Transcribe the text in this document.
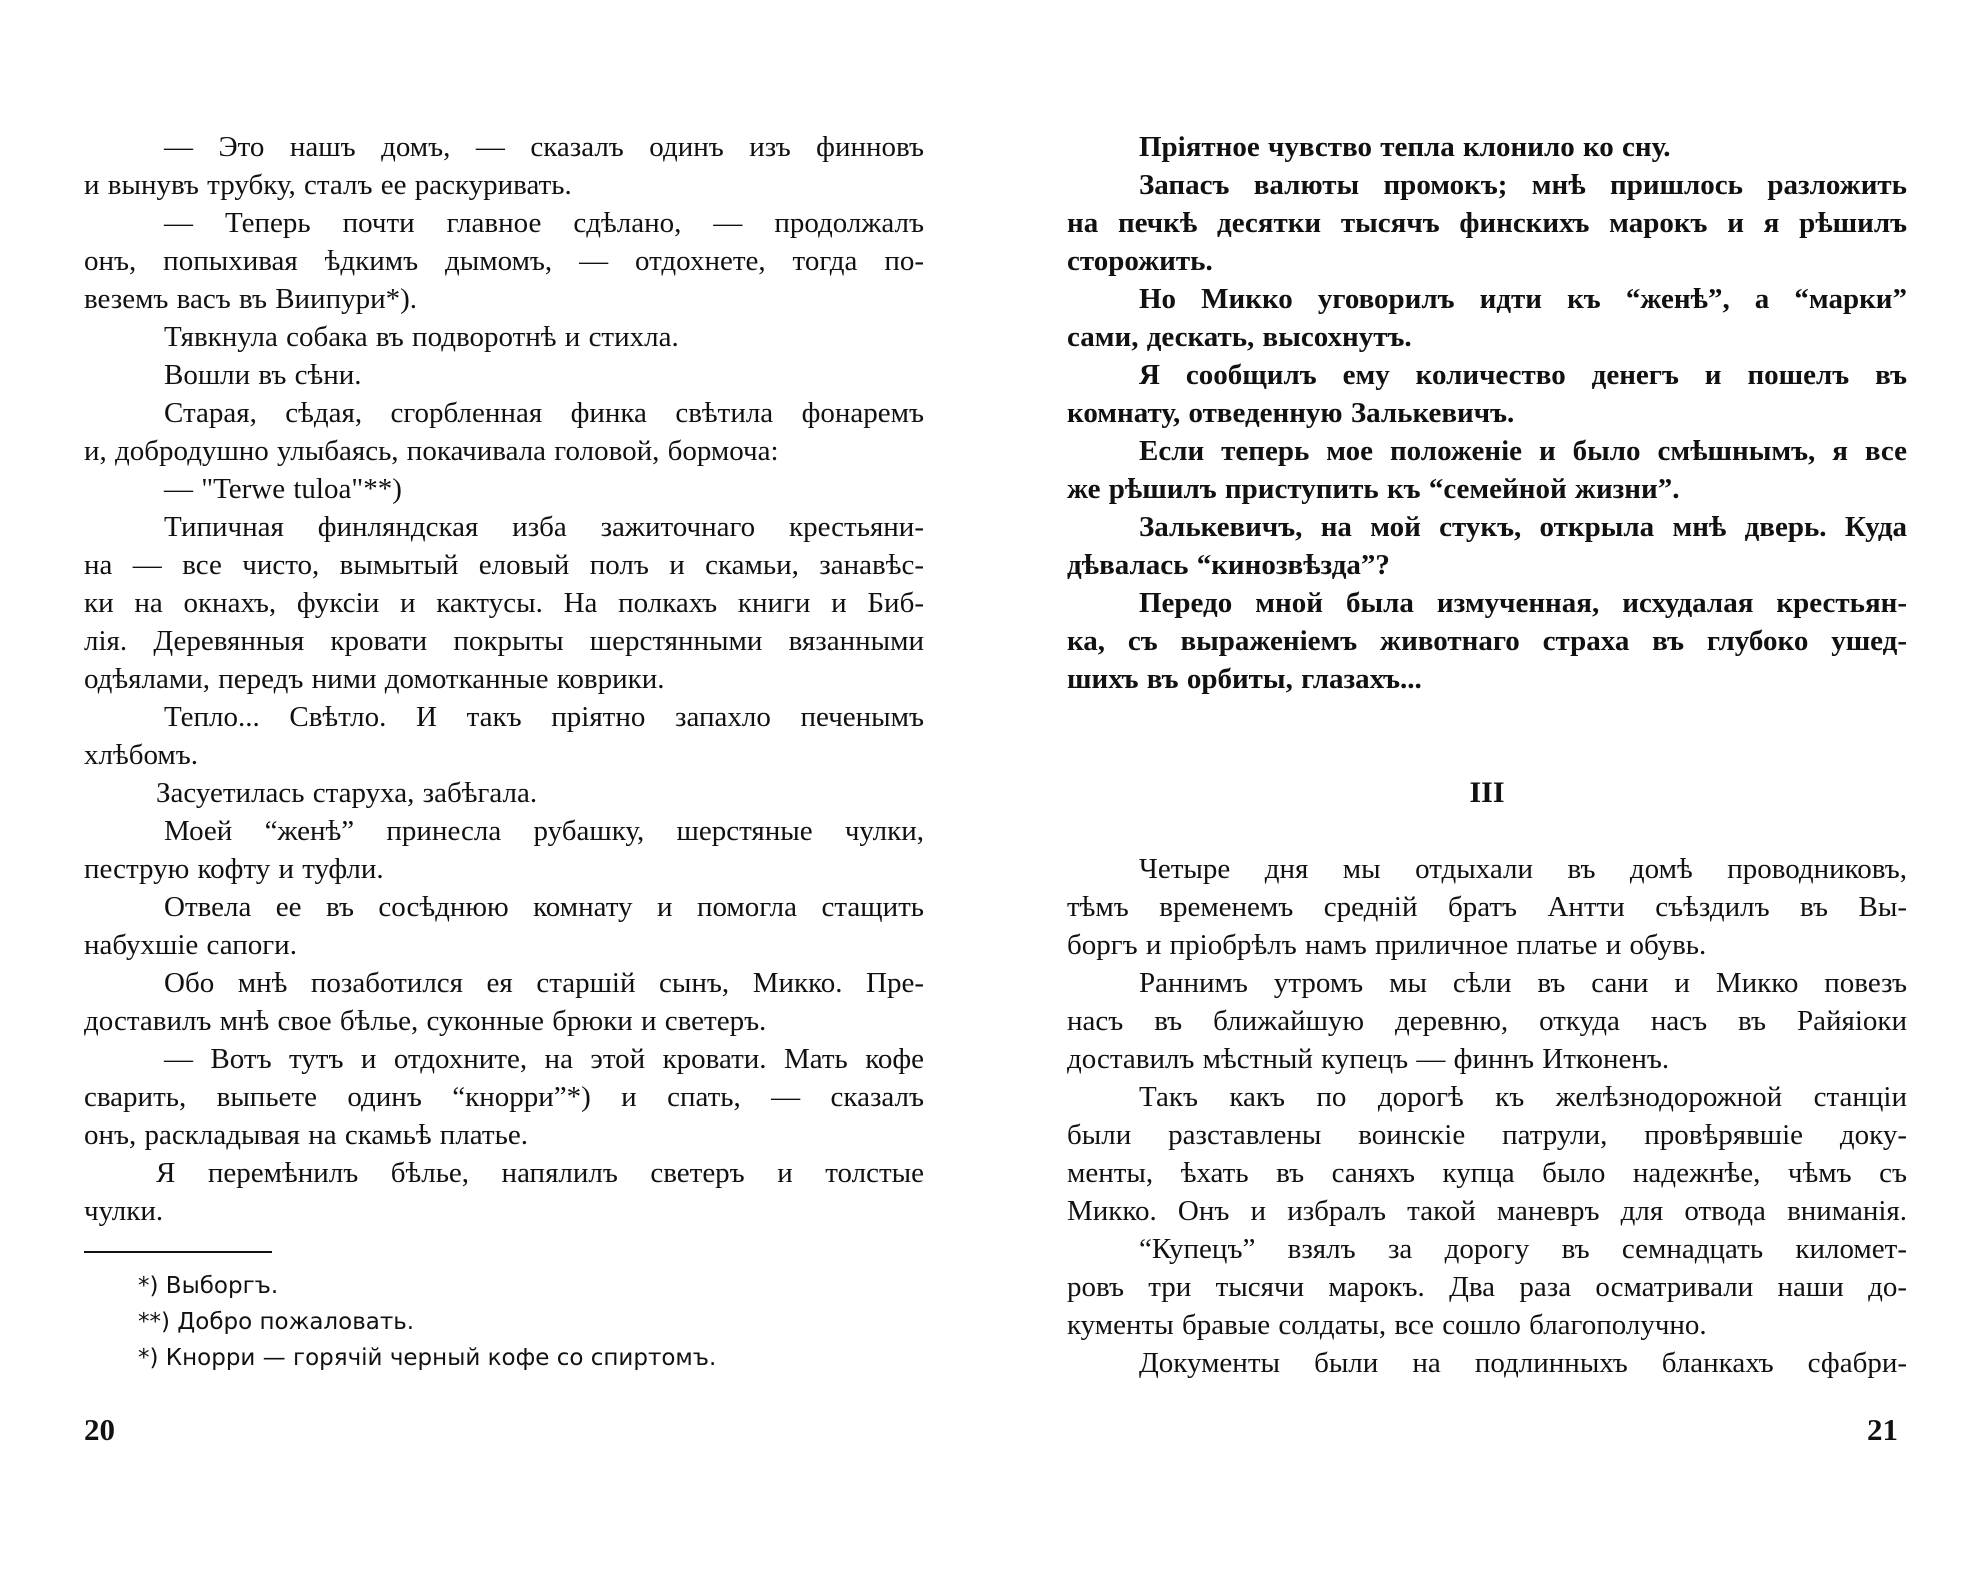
— Это нашъ домъ, — сказалъ одинъ изъ финновъ
и вынувъ трубку, сталъ ее раскуривать.
— Теперь почти главное сдѣлано, — продолжалъ
онъ, попыхивая ѣдкимъ дымомъ, — отдохнете, тогда по-
веземъ васъ въ Виипури*).
Тявкнула собака въ подворотнѣ и стихла.
Вошли въ сѣни.
Старая, сѣдая, сгорбленная финка свѣтила фонаремъ
и, добродушно улыбаясь, покачивала головой, бормоча:
— "Terwe tuloa"**)
Типичная финляндская изба зажиточнаго крестьяни-
на — все чисто, вымытый еловый полъ и скамьи, занавѣс-
ки на окнахъ, фуксіи и кактусы. На полкахъ книги и Биб-
лія. Деревянныя кровати покрыты шерстянными вязанными
одѣялами, передъ ними домотканные коврики.
Тепло... Свѣтло. И такъ пріятно запахло печенымъ
хлѣбомъ.
Засуетилась старуха, забѣгала.
Моей “женѣ” принесла рубашку, шерстяные чулки,
пеструю кофту и туфли.
Отвела ее въ сосѣднюю комнату и помогла стащить
набухшіе сапоги.
Обо мнѣ позаботился ея старшій сынъ, Микко. Пре-
доставилъ мнѣ свое бѣлье, суконные брюки и светеръ.
— Вотъ тутъ и отдохните, на этой кровати. Мать кофе
сварить, выпьете одинъ “кнорри”*) и спать, — сказалъ
онъ, раскладывая на скамьѣ платье.
Я перемѣнилъ бѣлье, напялилъ светеръ и толстые
чулки.
*) Выборгъ.
**) Добро пожаловать.
*) Кнорри — горячій черный кофе со спиртомъ.
20
Пріятное чувство тепла клонило ко сну.
Запасъ валюты промокъ; мнѣ пришлось разложить
на печкѣ десятки тысячъ финскихъ марокъ и я рѣшилъ
сторожить.
Но Микко уговорилъ идти къ “женѣ”, а “марки”
сами, дескать, высохнутъ.
Я сообщилъ ему количество денегъ и пошелъ въ
комнату, отведенную Залькевичъ.
Если теперь мое положеніе и было смѣшнымъ, я все
же рѣшилъ приступить къ “семейной жизни”.
Залькевичъ, на мой стукъ, открыла мнѣ дверь. Куда
дѣвалась “кинозвѣзда”?
Передо мной была измученная, исхудалая крестьян-
ка, съ выраженіемъ животнаго страха въ глубоко ушед-
шихъ въ орбиты, глазахъ...
III
Четыре дня мы отдыхали въ домѣ проводниковъ,
тѣмъ временемъ средній братъ Антти съѣздилъ въ Вы-
боргъ и пріобрѣлъ намъ приличное платье и обувь.
Раннимъ утромъ мы сѣли въ сани и Микко повезъ
насъ въ ближайшую деревню, откуда насъ въ Райяіоки
доставилъ мѣстный купецъ — финнъ Итконенъ.
Такъ какъ по дорогѣ къ желѣзнодорожной станціи
были разставлены воинскіе патрули, провѣрявшіе доку-
менты, ѣхать въ саняхъ купца было надежнѣе, чѣмъ съ
Микко. Онъ и избралъ такой маневръ для отвода вниманія.
“Купецъ” взялъ за дорогу въ семнадцать километ-
ровъ три тысячи марокъ. Два раза осматривали наши до-
кументы бравые солдаты, все сошло благополучно.
Документы были на подлинныхъ бланкахъ сфабри-
21
